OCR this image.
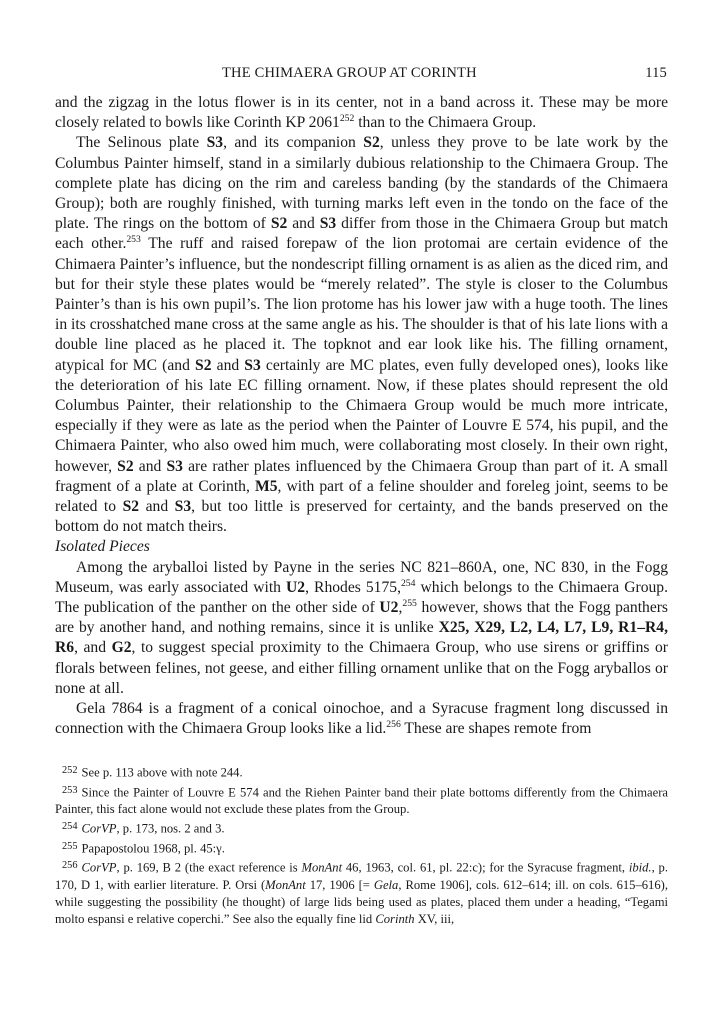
THE CHIMAERA GROUP AT CORINTH	115

and the zigzag in the lotus flower is in its center, not in a band across it. These may be more closely related to bowls like Corinth KP 2061$^{252}$ than to the Chimaera Group.

The Selinous plate S3, and its companion S2, unless they prove to be late work by the Columbus Painter himself, stand in a similarly dubious relationship to the Chimaera Group. The complete plate has dicing on the rim and careless banding (by the standards of the Chimaera Group); both are roughly finished, with turning marks left even in the tondo on the face of the plate. The rings on the bottom of S2 and S3 differ from those in the Chimaera Group but match each other.$^{253}$ The ruff and raised forepaw of the lion protomai are certain evidence of the Chimaera Painter’s influence, but the nondescript filling ornament is as alien as the diced rim, and but for their style these plates would be “merely related”. The style is closer to the Columbus Painter’s than is his own pupil’s. The lion protome has his lower jaw with a huge tooth. The lines in its crosshatched mane cross at the same angle as his. The shoulder is that of his late lions with a double line placed as he placed it. The topknot and ear look like his. The filling ornament, atypical for MC (and S2 and S3 certainly are MC plates, even fully developed ones), looks like the deterioration of his late EC filling ornament. Now, if these plates should represent the old Columbus Painter, their relationship to the Chimaera Group would be much more intricate, especially if they were as late as the period when the Painter of Louvre E 574, his pupil, and the Chimaera Painter, who also owed him much, were collaborating most closely. In their own right, however, S2 and S3 are rather plates influenced by the Chimaera Group than part of it. A small fragment of a plate at Corinth, M5, with part of a feline shoulder and foreleg joint, seems to be related to S2 and S3, but too little is preserved for certainty, and the bands preserved on the bottom do not match theirs.

Isolated Pieces

Among the aryballoi listed by Payne in the series NC 821–860A, one, NC 830, in the Fogg Museum, was early associated with U2, Rhodes 5175,$^{254}$ which belongs to the Chimaera Group. The publication of the panther on the other side of U2,$^{255}$ however, shows that the Fogg panthers are by another hand, and nothing remains, since it is unlike X25, X29, L2, L4, L7, L9, R1–R4, R6, and G2, to suggest special proximity to the Chimaera Group, who use sirens or griffins or florals between felines, not geese, and either filling ornament unlike that on the Fogg aryballos or none at all.

Gela 7864 is a fragment of a conical oinochoe, and a Syracuse fragment long discussed in connection with the Chimaera Group looks like a lid.$^{256}$ These are shapes remote from

$^{252}$ See p. 113 above with note 244.

$^{253}$ Since the Painter of Louvre E 574 and the Riehen Painter band their plate bottoms differently from the Chimaera Painter, this fact alone would not exclude these plates from the Group.

$^{254}$ CorVP, p. 173, nos. 2 and 3.

$^{255}$ Papapostolou 1968, pl. 45:γ.

$^{256}$ CorVP, p. 169, B 2 (the exact reference is MonAnt 46, 1963, col. 61, pl. 22:c); for the Syracuse fragment, ibid., p. 170, D 1, with earlier literature. P. Orsi (MonAnt 17, 1906 [= Gela, Rome 1906], cols. 612–614; ill. on cols. 615–616), while suggesting the possibility (he thought) of large lids being used as plates, placed them under a heading, “Tegami molto espansi e relative coperchi.” See also the equally fine lid Corinth XV, iii,
